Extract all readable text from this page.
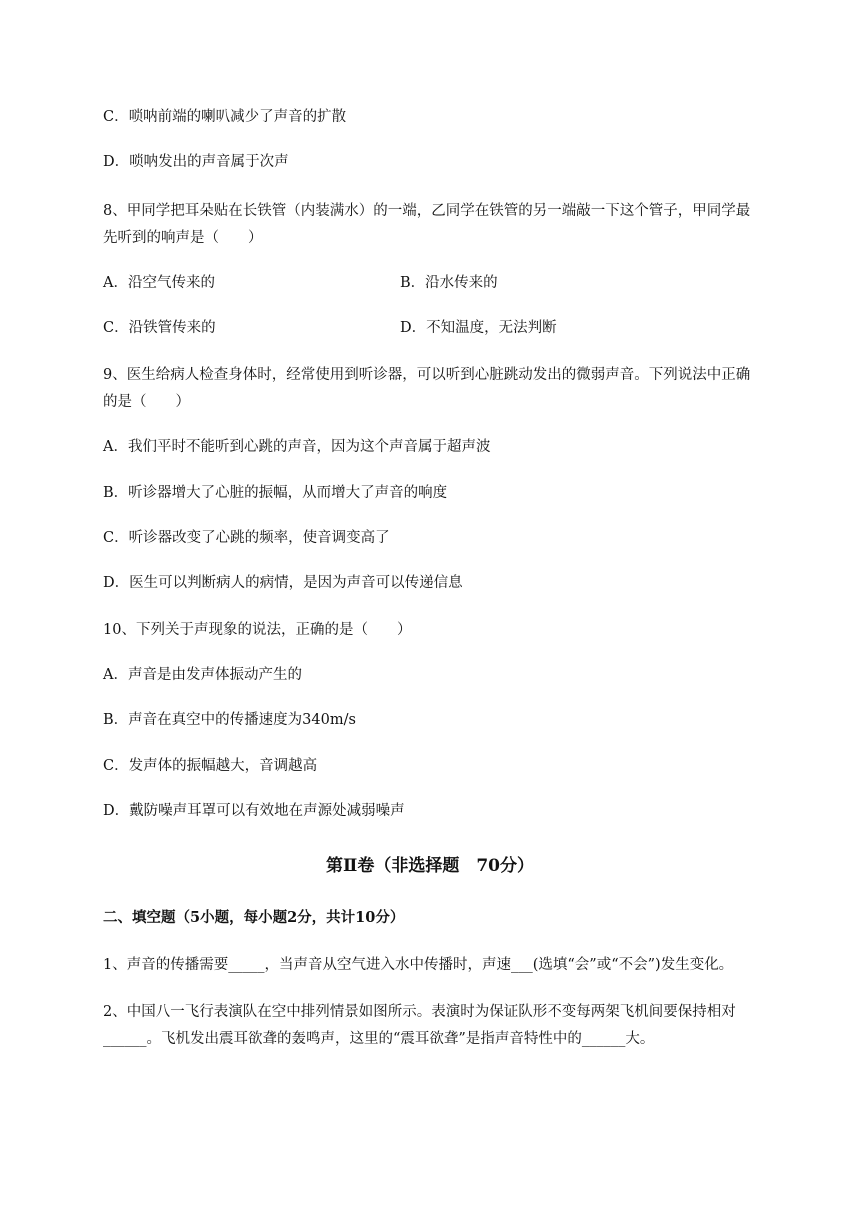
C．唢呐前端的喇叭减少了声音的扩散
D．唢呐发出的声音属于次声
8、甲同学把耳朵贴在长铁管（内装满水）的一端，乙同学在铁管的另一端敲一下这个管子，甲同学最
先听到的响声是（　　）
A．沿空气传来的	B．沿水传来的
C．沿铁管传来的	D．不知温度，无法判断
9、医生给病人检查身体时，经常使用到听诊器，可以听到心脏跳动发出的微弱声音。下列说法中正确
的是（　　）
A．我们平时不能听到心跳的声音，因为这个声音属于超声波
B．听诊器增大了心脏的振幅，从而增大了声音的响度
C．听诊器改变了心跳的频率，使音调变高了
D．医生可以判断病人的病情，是因为声音可以传递信息
10、下列关于声现象的说法，正确的是（　　）
A．声音是由发声体振动产生的
B．声音在真空中的传播速度为340m/s
C．发声体的振幅越大，音调越高
D．戴防噪声耳罩可以有效地在声源处减弱噪声
第Ⅱ卷（非选择题　70分）
二、填空题（5小题，每小题2分，共计10分）
1、声音的传播需要_____，当声音从空气进入水中传播时，声速___(选填“会”或“不会”)发生变化。
2、中国八一飞行表演队在空中排列情景如图所示。表演时为保证队形不变每两架飞机间要保持相对
______。飞机发出震耳欲聋的轰鸣声，这里的“震耳欲聋”是指声音特性中的______大。
